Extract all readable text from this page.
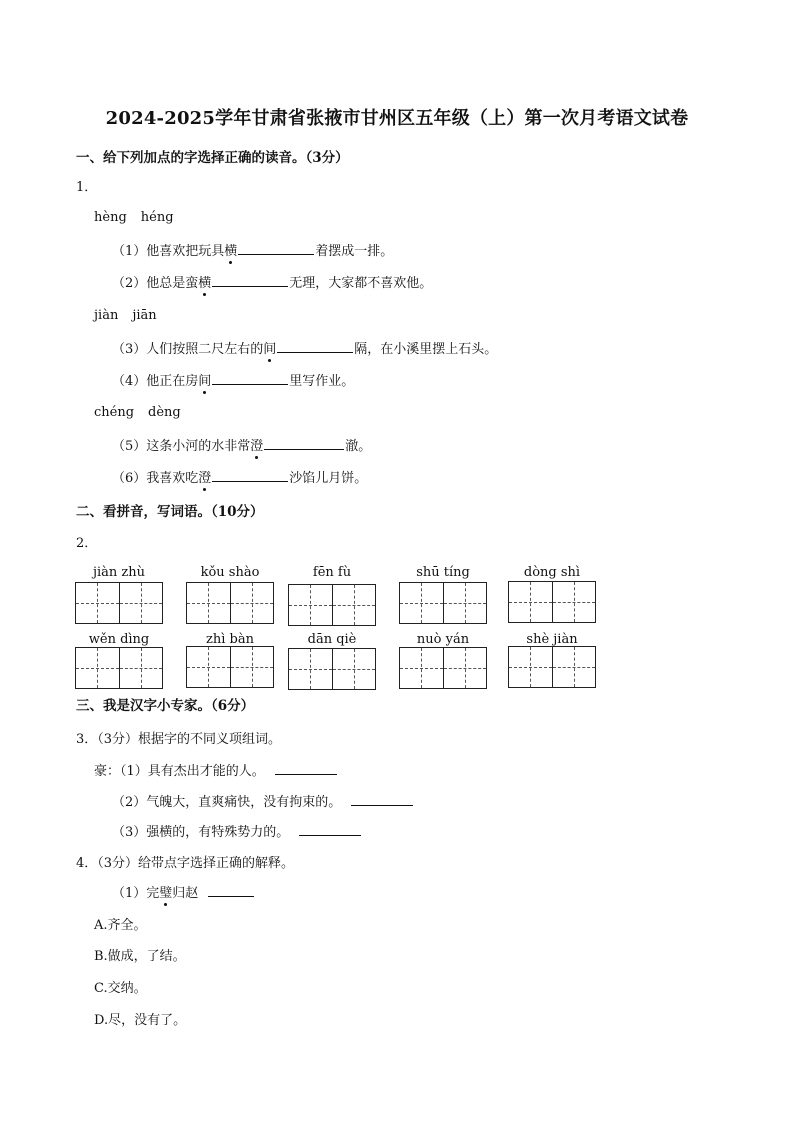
2024-2025学年甘肃省张掖市甘州区五年级（上）第一次月考语文试卷
一、给下列加点的字选择正确的读音。（3分）
1．
hèng héng
（1）他喜欢把玩具横	着摆成一排。
（2）他总是蛮横	无理，大家都不喜欢他。
jiàn jiān
（3）人们按照二尺左右的间	隔，在小溪里摆上石头。
（4）他正在房间	里写作业。
chéng dèng
（5）这条小河的水非常澄	澈。
（6）我喜欢吃澄	沙馅儿月饼。
二、看拼音，写词语。（10分）
2．
jiàn zhù	kǒu shào	fēn fù	shū tíng	dòng shì
wěn dìng	zhì bàn	dān qiè	nuò yán	shè jiàn
三、我是汉字小专家。（6分）
3．（3分）根据字的不同义项组词。
豪：（1）具有杰出才能的人。
（2）气魄大，直爽痛快，没有拘束的。
（3）强横的，有特殊势力的。
4．（3分）给带点字选择正确的解释。
（1）完璧归赵
A.齐全。
B.做成，了结。
C.交纳。
D.尽，没有了。
